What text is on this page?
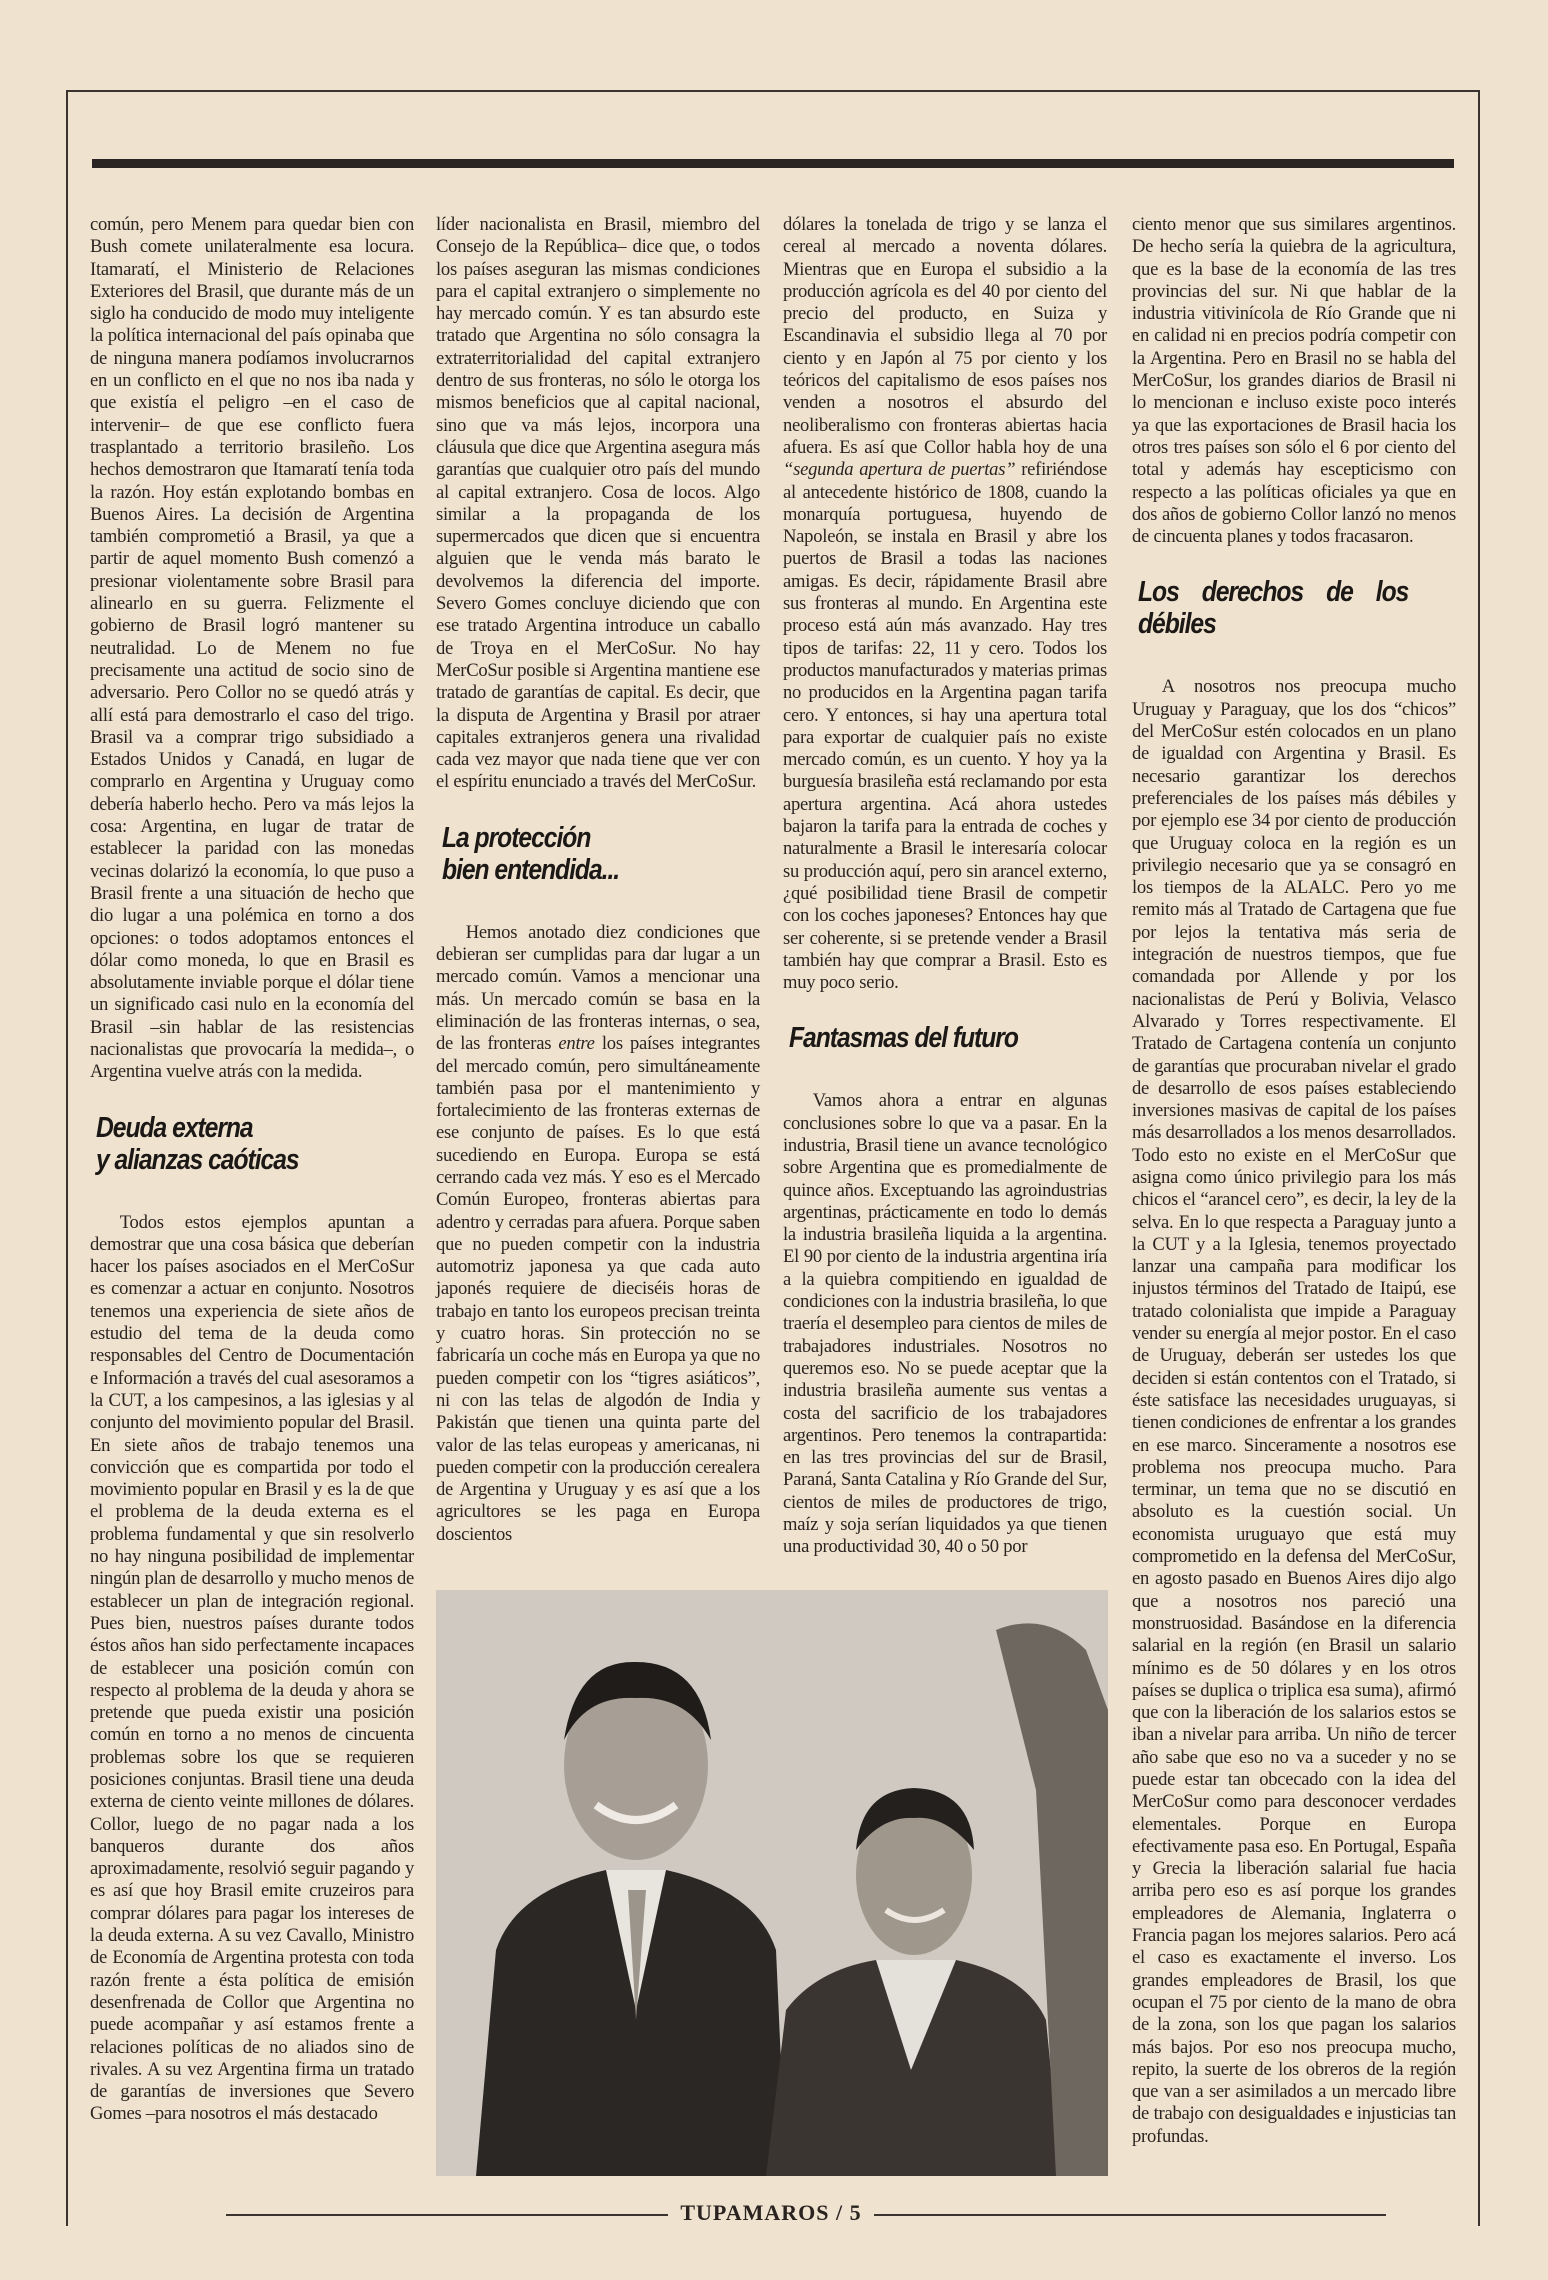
común, pero Menem para quedar bien con Bush comete unilateralmente esa locura. Itamaratí, el Ministerio de Relaciones Exteriores del Brasil, que durante más de un siglo ha conducido de modo muy inteligente la política internacional del país opinaba que de ninguna manera podíamos involucrarnos en un conflicto en el que no nos iba nada y que existía el peligro –en el caso de intervenir– de que ese conflicto fuera trasplantado a territorio brasileño. Los hechos demostraron que Itamaratí tenía toda la razón. Hoy están explotando bombas en Buenos Aires. La decisión de Argentina también comprometió a Brasil, ya que a partir de aquel momento Bush comenzó a presionar violentamente sobre Brasil para alinearlo en su guerra. Felizmente el gobierno de Brasil logró mantener su neutralidad. Lo de Menem no fue precisamente una actitud de socio sino de adversario. Pero Collor no se quedó atrás y allí está para demostrarlo el caso del trigo. Brasil va a comprar trigo subsidiado a Estados Unidos y Canadá, en lugar de comprarlo en Argentina y Uruguay como debería haberlo hecho. Pero va más lejos la cosa: Argentina, en lugar de tratar de establecer la paridad con las monedas vecinas dolarizó la economía, lo que puso a Brasil frente a una situación de hecho que dio lugar a una polémica en torno a dos opciones: o todos adoptamos entonces el dólar como moneda, lo que en Brasil es absolutamente inviable porque el dólar tiene un significado casi nulo en la economía del Brasil –sin hablar de las resistencias nacionalistas que provocaría la medida–, o Argentina vuelve atrás con la medida.

Deuda externa
y alianzas caóticas

Todos estos ejemplos apuntan a demostrar que una cosa básica que deberían hacer los países asociados en el MerCoSur es comenzar a actuar en conjunto. Nosotros tenemos una experiencia de siete años de estudio del tema de la deuda como responsables del Centro de Documentación e Información a través del cual asesoramos a la CUT, a los campesinos, a las iglesias y al conjunto del movimiento popular del Brasil. En siete años de trabajo tenemos una convicción que es compartida por todo el movimiento popular en Brasil y es la de que el problema de la deuda externa es el problema fundamental y que sin resolverlo no hay ninguna posibilidad de implementar ningún plan de desarrollo y mucho menos de establecer un plan de integración regional. Pues bien, nuestros países durante todos éstos años han sido perfectamente incapaces de establecer una posición común con respecto al problema de la deuda y ahora se pretende que pueda existir una posición común en torno a no menos de cincuenta problemas sobre los que se requieren posiciones conjuntas. Brasil tiene una deuda externa de ciento veinte millones de dólares. Collor, luego de no pagar nada a los banqueros durante dos años aproximadamente, resolvió seguir pagando y es así que hoy Brasil emite cruzeiros para comprar dólares para pagar los intereses de la deuda externa. A su vez Cavallo, Ministro de Economía de Argentina protesta con toda razón frente a ésta política de emisión desenfrenada de Collor que Argentina no puede acompañar y así estamos frente a relaciones políticas de no aliados sino de rivales. A su vez Argentina firma un tratado de garantías de inversiones que Severo Gomes –para nosotros el más destacado

líder nacionalista en Brasil, miembro del Consejo de la República– dice que, o todos los países aseguran las mismas condiciones para el capital extranjero o simplemente no hay mercado común. Y es tan absurdo este tratado que Argentina no sólo consagra la extraterritorialidad del capital extranjero dentro de sus fronteras, no sólo le otorga los mismos beneficios que al capital nacional, sino que va más lejos, incorpora una cláusula que dice que Argentina asegura más garantías que cualquier otro país del mundo al capital extranjero. Cosa de locos. Algo similar a la propaganda de los supermercados que dicen que si encuentra alguien que le venda más barato le devolvemos la diferencia del importe. Severo Gomes concluye diciendo que con ese tratado Argentina introduce un caballo de Troya en el MerCoSur. No hay MerCoSur posible si Argentina mantiene ese tratado de garantías de capital. Es decir, que la disputa de Argentina y Brasil por atraer capitales extranjeros genera una rivalidad cada vez mayor que nada tiene que ver con el espíritu enunciado a través del MerCoSur.

La protección
bien entendida...

Hemos anotado diez condiciones que debieran ser cumplidas para dar lugar a un mercado común. Vamos a mencionar una más. Un mercado común se basa en la eliminación de las fronteras internas, o sea, de las fronteras entre los países integrantes del mercado común, pero simultáneamente también pasa por el mantenimiento y fortalecimiento de las fronteras externas de ese conjunto de países. Es lo que está sucediendo en Europa. Europa se está cerrando cada vez más. Y eso es el Mercado Común Europeo, fronteras abiertas para adentro y cerradas para afuera. Porque saben que no pueden competir con la industria automotriz japonesa ya que cada auto japonés requiere de dieciséis horas de trabajo en tanto los europeos precisan treinta y cuatro horas. Sin protección no se fabricaría un coche más en Europa ya que no pueden competir con los “tigres asiáticos”, ni con las telas de algodón de India y Pakistán que tienen una quinta parte del valor de las telas europeas y americanas, ni pueden competir con la producción cerealera de Argentina y Uruguay y es así que a los agricultores se les paga en Europa doscientos

dólares la tonelada de trigo y se lanza el cereal al mercado a noventa dólares. Mientras que en Europa el subsidio a la producción agrícola es del 40 por ciento del precio del producto, en Suiza y Escandinavia el subsidio llega al 70 por ciento y en Japón al 75 por ciento y los teóricos del capitalismo de esos países nos venden a nosotros el absurdo del neoliberalismo con fronteras abiertas hacia afuera. Es así que Collor habla hoy de una “segunda apertura de puertas” refiriéndose al antecedente histórico de 1808, cuando la monarquía portuguesa, huyendo de Napoleón, se instala en Brasil y abre los puertos de Brasil a todas las naciones amigas. Es decir, rápidamente Brasil abre sus fronteras al mundo. En Argentina este proceso está aún más avanzado. Hay tres tipos de tarifas: 22, 11 y cero. Todos los productos manufacturados y materias primas no producidos en la Argentina pagan tarifa cero. Y entonces, si hay una apertura total para exportar de cualquier país no existe mercado común, es un cuento. Y hoy ya la burguesía brasileña está reclamando por esta apertura argentina. Acá ahora ustedes bajaron la tarifa para la entrada de coches y naturalmente a Brasil le interesaría colocar su producción aquí, pero sin arancel externo, ¿qué posibilidad tiene Brasil de competir con los coches japoneses? Entonces hay que ser coherente, si se pretende vender a Brasil también hay que comprar a Brasil. Esto es muy poco serio.

Fantasmas del futuro

Vamos ahora a entrar en algunas conclusiones sobre lo que va a pasar. En la industria, Brasil tiene un avance tecnológico sobre Argentina que es promedialmente de quince años. Exceptuando las agroindustrias argentinas, prácticamente en todo lo demás la industria brasileña liquida a la argentina. El 90 por ciento de la industria argentina iría a la quiebra compitiendo en igualdad de condiciones con la industria brasileña, lo que traería el desempleo para cientos de miles de trabajadores industriales. Nosotros no queremos eso. No se puede aceptar que la industria brasileña aumente sus ventas a costa del sacrificio de los trabajadores argentinos. Pero tenemos la contrapartida: en las tres provincias del sur de Brasil, Paraná, Santa Catalina y Río Grande del Sur, cientos de miles de productores de trigo, maíz y soja serían liquidados ya que tienen una productividad 30, 40 o 50 por

ciento menor que sus similares argentinos. De hecho sería la quiebra de la agricultura, que es la base de la economía de las tres provincias del sur. Ni que hablar de la industria vitivinícola de Río Grande que ni en calidad ni en precios podría competir con la Argentina. Pero en Brasil no se habla del MerCoSur, los grandes diarios de Brasil ni lo mencionan e incluso existe poco interés ya que las exportaciones de Brasil hacia los otros tres países son sólo el 6 por ciento del total y además hay escepticismo con respecto a las políticas oficiales ya que en dos años de gobierno Collor lanzó no menos de cincuenta planes y todos fracasaron.

Los derechos de los débiles

A nosotros nos preocupa mucho Uruguay y Paraguay, que los dos “chicos” del MerCoSur estén colocados en un plano de igualdad con Argentina y Brasil. Es necesario garantizar los derechos preferenciales de los países más débiles y por ejemplo ese 34 por ciento de producción que Uruguay coloca en la región es un privilegio necesario que ya se consagró en los tiempos de la ALALC. Pero yo me remito más al Tratado de Cartagena que fue por lejos la tentativa más seria de integración de nuestros tiempos, que fue comandada por Allende y por los nacionalistas de Perú y Bolivia, Velasco Alvarado y Torres respectivamente. El Tratado de Cartagena contenía un conjunto de garantías que procuraban nivelar el grado de desarrollo de esos países estableciendo inversiones masivas de capital de los países más desarrollados a los menos desarrollados. Todo esto no existe en el MerCoSur que asigna como único privilegio para los más chicos el “arancel cero”, es decir, la ley de la selva. En lo que respecta a Paraguay junto a la CUT y a la Iglesia, tenemos proyectado lanzar una campaña para modificar los injustos términos del Tratado de Itaipú, ese tratado colonialista que impide a Paraguay vender su energía al mejor postor. En el caso de Uruguay, deberán ser ustedes los que deciden si están contentos con el Tratado, si éste satisface las necesidades uruguayas, si tienen condiciones de enfrentar a los grandes en ese marco. Sinceramente a nosotros ese problema nos preocupa mucho. Para terminar, un tema que no se discutió en absoluto es la cuestión social. Un economista uruguayo que está muy comprometido en la defensa del MerCoSur, en agosto pasado en Buenos Aires dijo algo que a nosotros nos pareció una monstruosidad. Basándose en la diferencia salarial en la región (en Brasil un salario mínimo es de 50 dólares y en los otros países se duplica o triplica esa suma), afirmó que con la liberación de los salarios estos se iban a nivelar para arriba. Un niño de tercer año sabe que eso no va a suceder y no se puede estar tan obcecado con la idea del MerCoSur como para desconocer verdades elementales. Porque en Europa efectivamente pasa eso. En Portugal, España y Grecia la liberación salarial fue hacia arriba pero eso es así porque los grandes empleadores de Alemania, Inglaterra o Francia pagan los mejores salarios. Pero acá el caso es exactamente el inverso. Los grandes empleadores de Brasil, los que ocupan el 75 por ciento de la mano de obra de la zona, son los que pagan los salarios más bajos. Por eso nos preocupa mucho, repito, la suerte de los obreros de la región que van a ser asimilados a un mercado libre de trabajo con desigualdades e injusticias tan profundas.

TUPAMAROS / 5
